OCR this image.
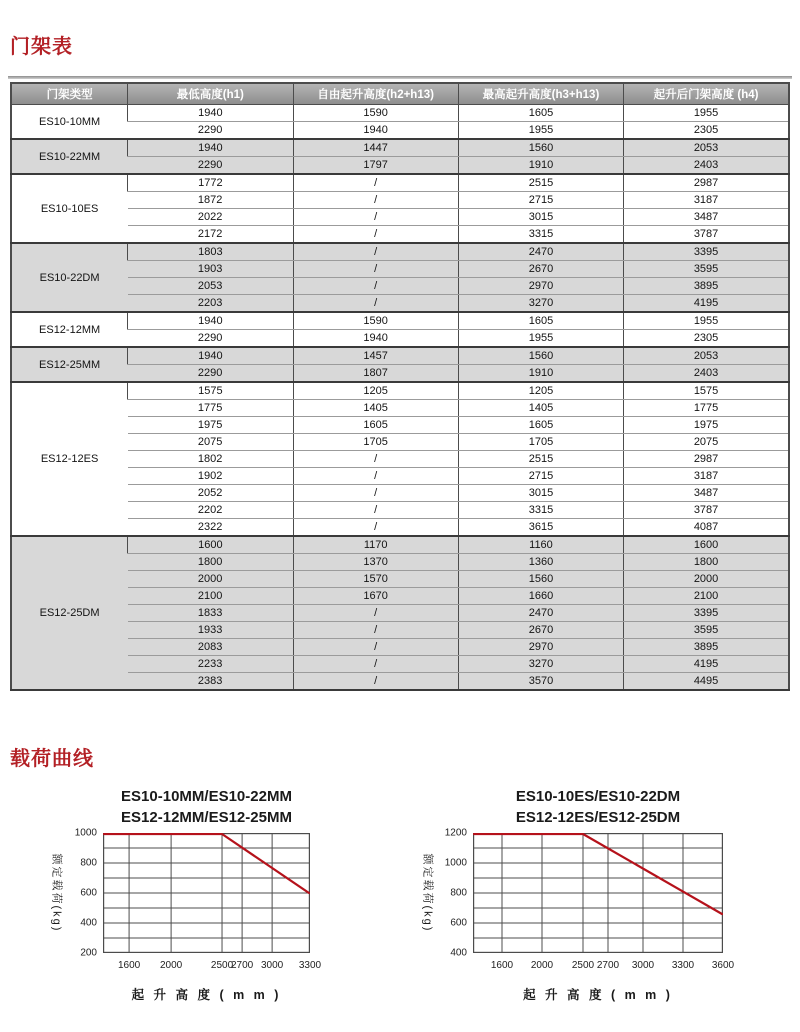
门架表
门架类型	最低高度(h1)	自由起升高度(h2+h13)	最高起升高度(h3+h13)	起升后门架高度 (h4)
ES10-10MM	1940	1590	1605	1955
	2290	1940	1955	2305
ES10-22MM	1940	1447	1560	2053
	2290	1797	1910	2403
ES10-10ES	1772	/	2515	2987
	1872	/	2715	3187
	2022	/	3015	3487
	2172	/	3315	3787
ES10-22DM	1803	/	2470	3395
	1903	/	2670	3595
	2053	/	2970	3895
	2203	/	3270	4195
ES12-12MM	1940	1590	1605	1955
	2290	1940	1955	2305
ES12-25MM	1940	1457	1560	2053
	2290	1807	1910	2403
ES12-12ES	1575	1205	1205	1575
	1775	1405	1405	1775
	1975	1605	1605	1975
	2075	1705	1705	2075
	1802	/	2515	2987
	1902	/	2715	3187
	2052	/	3015	3487
	2202	/	3315	3787
	2322	/	3615	4087
ES12-25DM	1600	1170	1160	1600
	1800	1370	1360	1800
	2000	1570	1560	2000
	2100	1670	1660	2100
	1833	/	2470	3395
	1933	/	2670	3595
	2083	/	2970	3895
	2233	/	3270	4195
	2383	/	3570	4495
载荷曲线
ES10-10MM/ES10-22MM
ES12-12MM/ES12-25MM
额定载荷(kg)
1000
800
600
400
200
1600 2000	2500
2700 3000 3300
起 升 高 度 ( m m )
ES10-10ES/ES10-22DM
ES12-12ES/ES12-25DM
额定载荷(kg)
1200
1000
800
600
400
1600 2000 2500 2700 3000 3300 3600
起 升 高 度 ( m m )
